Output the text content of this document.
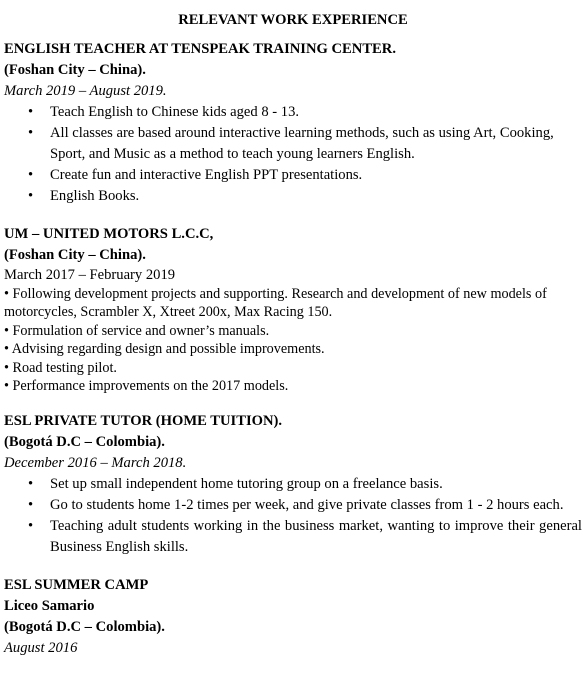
RELEVANT WORK EXPERIENCE
ENGLISH TEACHER AT TENSPEAK TRAINING CENTER.
(Foshan City – China).
March 2019 – August 2019.
• Teach English to Chinese kids aged 8 - 13.
• All classes are based around interactive learning methods, such as using Art, Cooking, Sport, and Music as a method to teach young learners English.
• Create fun and interactive English PPT presentations.
• English Books.
UM – UNITED MOTORS L.C.C,
(Foshan City – China).
March 2017 – February 2019
• Following development projects and supporting. Research and development of new models of motorcycles, Scrambler X, Xtreet 200x, Max Racing 150.
• Formulation of service and owner’s manuals.
• Advising regarding design and possible improvements.
• Road testing pilot.
• Performance improvements on the 2017 models.
ESL PRIVATE TUTOR (HOME TUITION).
(Bogotá D.C – Colombia).
December 2016 – March 2018.
• Set up small independent home tutoring group on a freelance basis.
• Go to students home 1-2 times per week, and give private classes from 1 - 2 hours each.
• Teaching adult students working in the business market, wanting to improve their general Business English skills.
ESL SUMMER CAMP
Liceo Samario
(Bogotá D.C – Colombia).
August 2016
